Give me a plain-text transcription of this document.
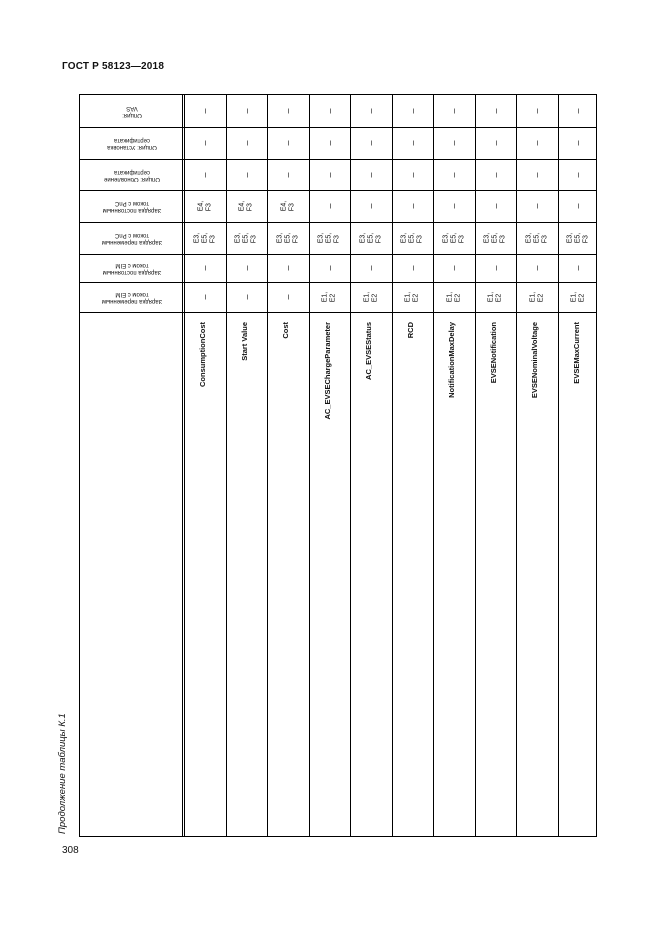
ГОСТ Р 58123—2018
Продолжение таблицы К.1
308
Опция:
VAS
Опция: Установка
сертификата
Опция: Обновление
сертификата
Зарядка постоянным
током с PnC
Зарядка переменным
током с PnC
Зарядка постоянным
током с EIM
Зарядка переменным
током с EIM
–
–
–
E4,
F3
E3,
E5,
F3
–
–
ConsumptionCost
–
–
–
E4,
F3
E3,
E5,
F3
–
–
Start Value
–
–
–
E4,
F3
E3,
E5,
F3
–
–
Cost
–
–
–
–
E3,
E5,
F3
–
E1,
E2
AC_EVSEChargeParameter
–
–
–
–
E3,
E5,
F3
–
E1,
E2
AC_EVSEStatus
–
–
–
–
E3,
E5,
F3
–
E1,
E2
RCD
–
–
–
–
E3,
E5,
F3
–
E1,
E2
NotificationMaxDelay
–
–
–
–
E3,
E5,
F3
–
E1,
E2
EVSENotification
–
–
–
–
E3,
E5,
F3
–
E1,
E2
EVSENominalVoltage
–
–
–
–
E3,
E5,
F3
–
E1,
E2
EVSEMaxCurrent
